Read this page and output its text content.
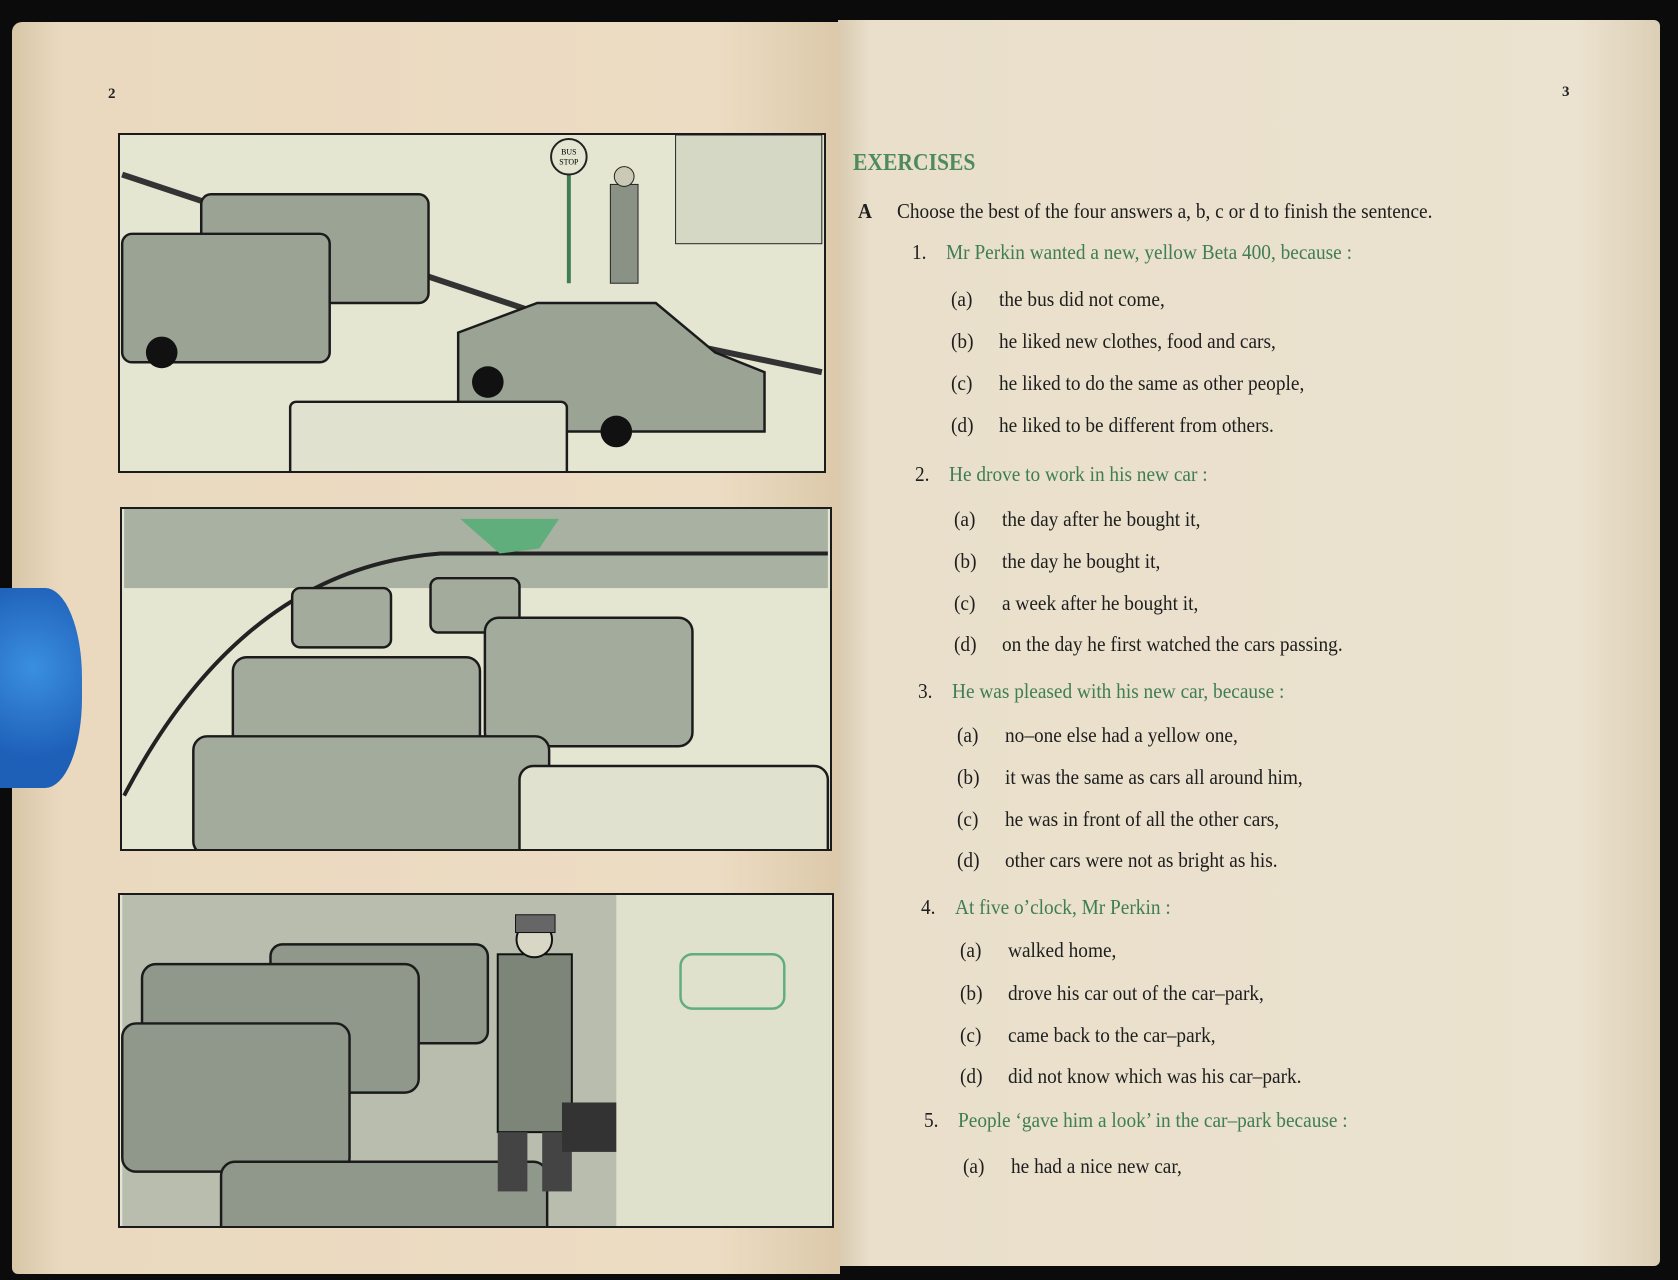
2	3
BUS
STOP	EXERCISES
A Choose the best of the four answers a, b, c or d to finish the sentence.
1. Mr Perkin wanted a new, yellow Beta 400, because :
(a) the bus did not come,
(b) he liked new clothes, food and cars,
(c) he liked to do the same as other people,
(d) he liked to be different from others.
2. He drove to work in his new car :
(a) the day after he bought it,
(b) the day he bought it,
(c) a week after he bought it,
(d) on the day he first watched the cars passing.
3. He was pleased with his new car, because :
(a) no–one else had a yellow one,
(b) it was the same as cars all around him,
(c) he was in front of all the other cars,
(d) other cars were not as bright as his.
4. At five o’clock, Mr Perkin :
(a) walked home,
(b) drove his car out of the car–park,
(c) came back to the car–park,
(d) did not know which was his car–park.
5. People ‘gave him a look’ in the car–park because :
(a) he had a nice new car,
